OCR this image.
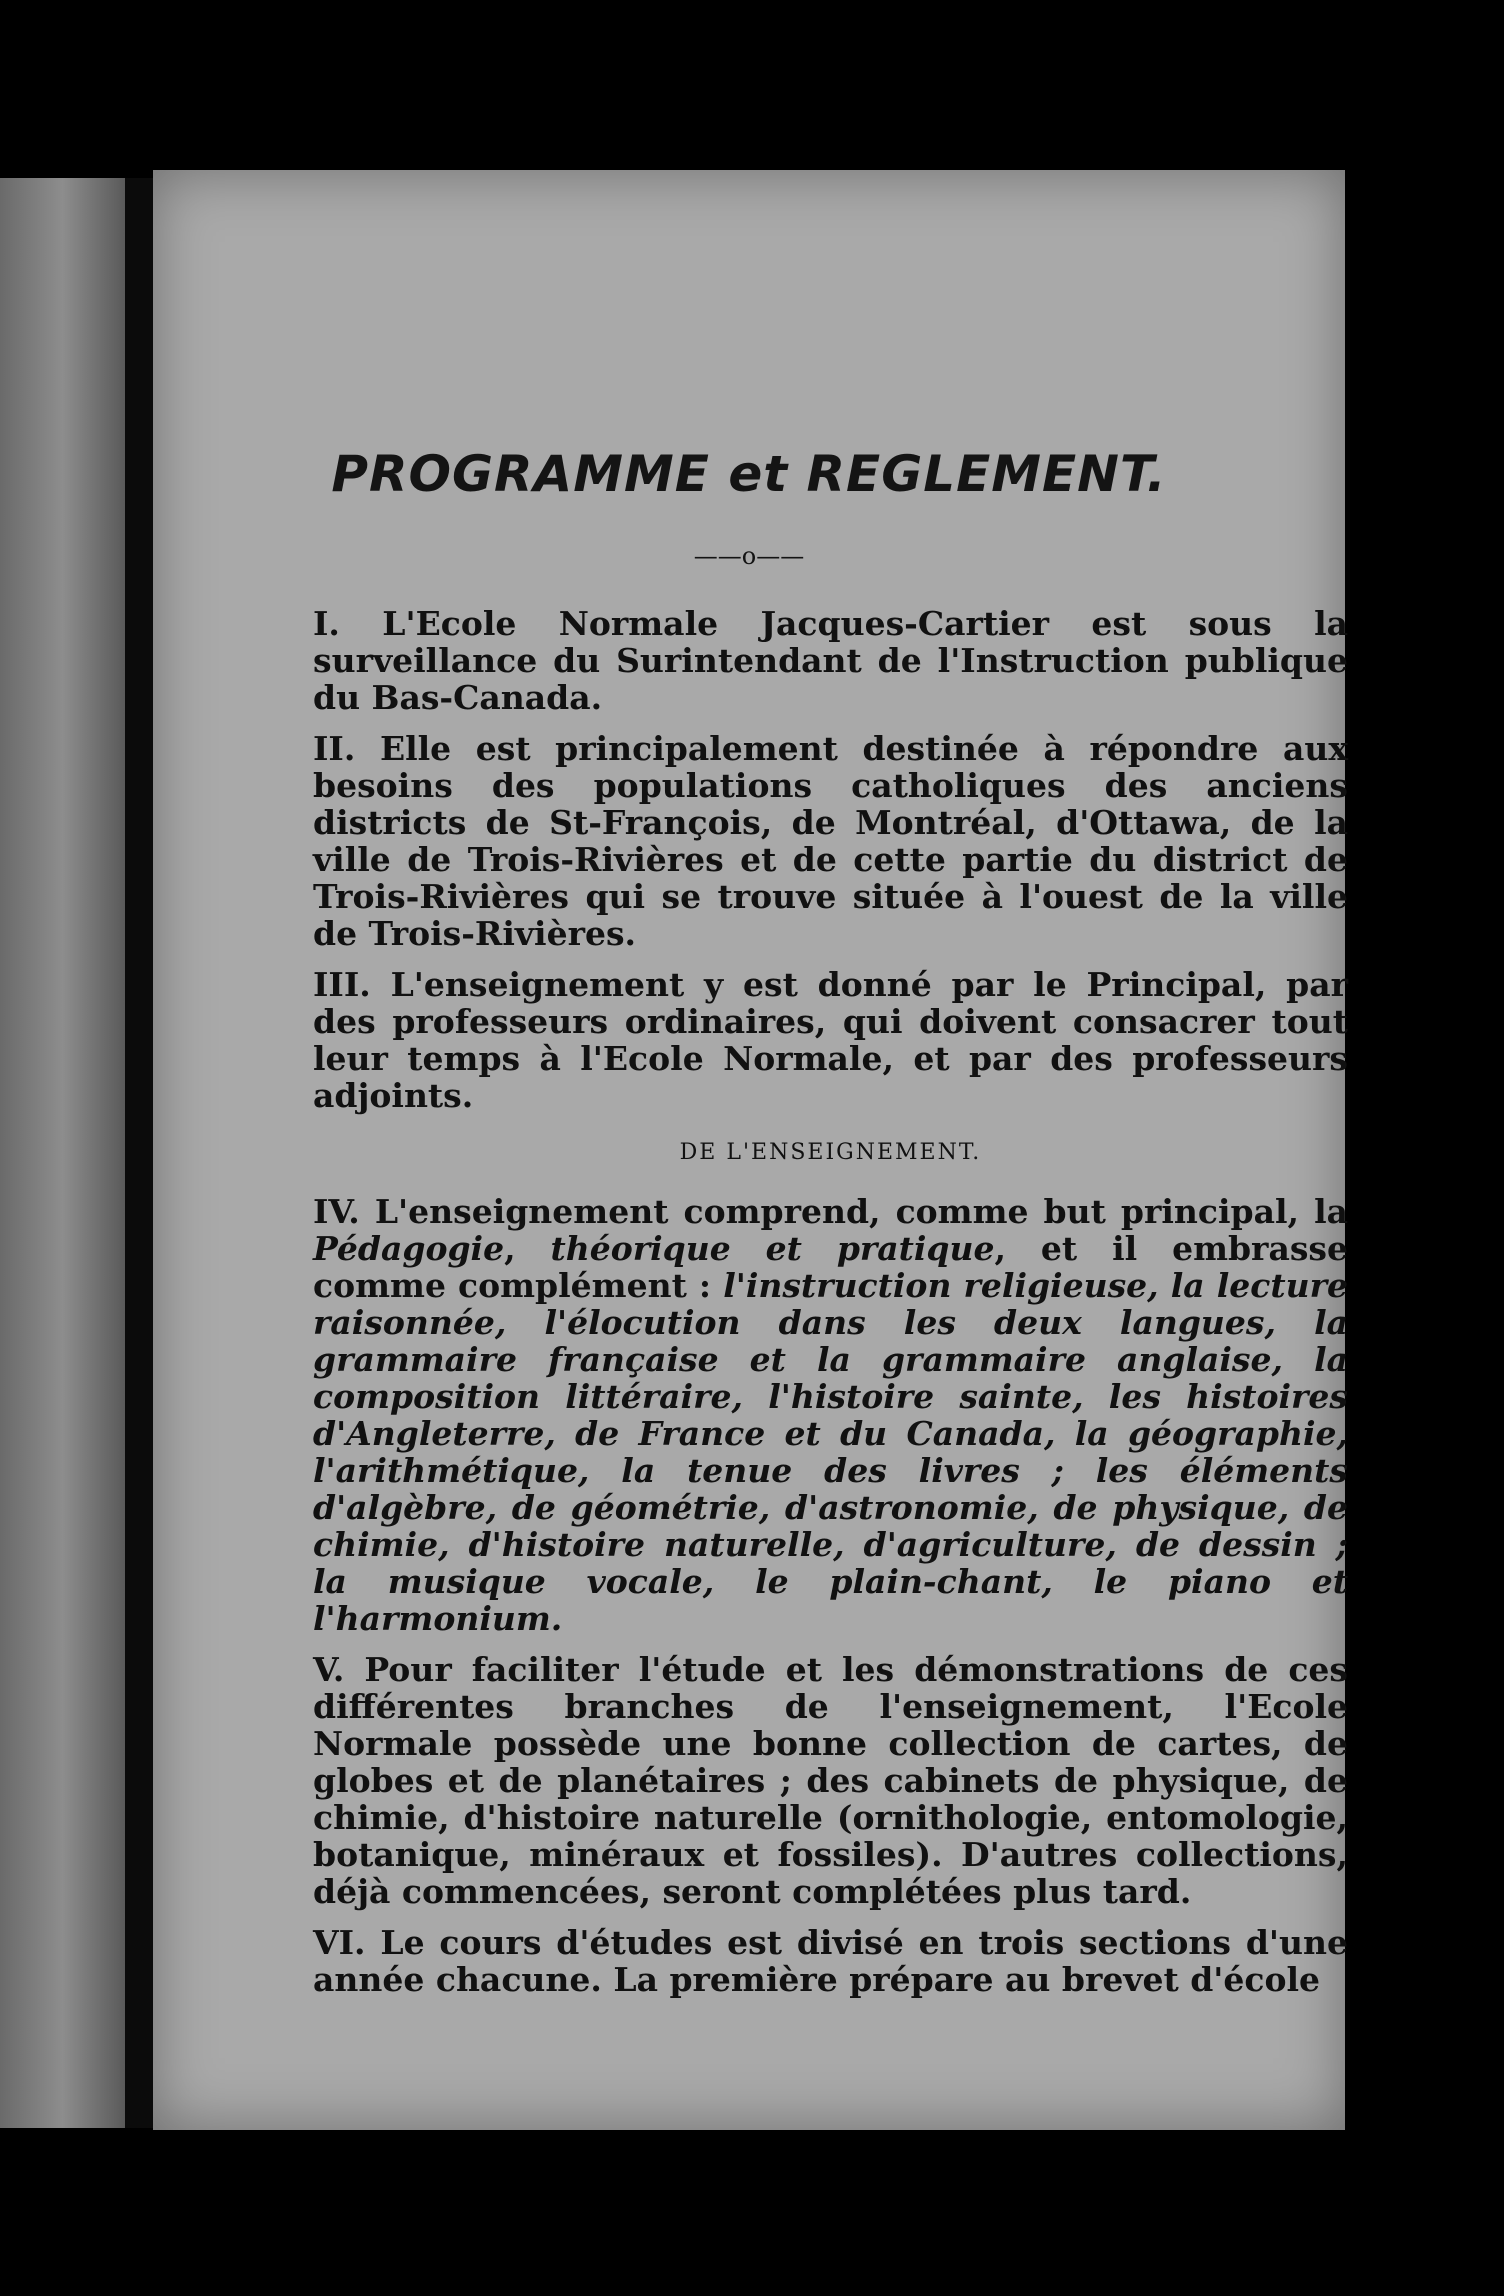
PROGRAMME et REGLEMENT.
——o——

I. L'Ecole Normale Jacques-Cartier est sous la surveillance du Surintendant de l'Instruction publique du Bas-Canada.

II. Elle est principalement destinée à répondre aux besoins des populations catholiques des anciens districts de St-François, de Montréal, d'Ottawa, de la ville de Trois-Rivières et de cette partie du district de Trois-Rivières qui se trouve située à l'ouest de la ville de Trois-Rivières.

III. L'enseignement y est donné par le Principal, par des professeurs ordinaires, qui doivent consacrer tout leur temps à l'Ecole Normale, et par des professeurs adjoints.

DE L'ENSEIGNEMENT.

IV. L'enseignement comprend, comme but principal, la Pédagogie, théorique et pratique, et il embrasse comme complément : l'instruction religieuse, la lecture raisonnée, l'élocution dans les deux langues, la grammaire française et la grammaire anglaise, la composition littéraire, l'histoire sainte, les histoires d'Angleterre, de France et du Canada, la géographie, l'arithmétique, la tenue des livres ; les éléments d'algèbre, de géométrie, d'astronomie, de physique, de chimie, d'histoire naturelle, d'agriculture, de dessin ; la musique vocale, le plain-chant, le piano et l'harmonium.

V. Pour faciliter l'étude et les démonstrations de ces différentes branches de l'enseignement, l'Ecole Normale possède une bonne collection de cartes, de globes et de planétaires ; des cabinets de physique, de chimie, d'histoire naturelle (ornithologie, entomologie, botanique, minéraux et fossiles). D'autres collections, déjà commencées, seront complétées plus tard.

VI. Le cours d'études est divisé en trois sections d'une année chacune. La première prépare au brevet d'école
